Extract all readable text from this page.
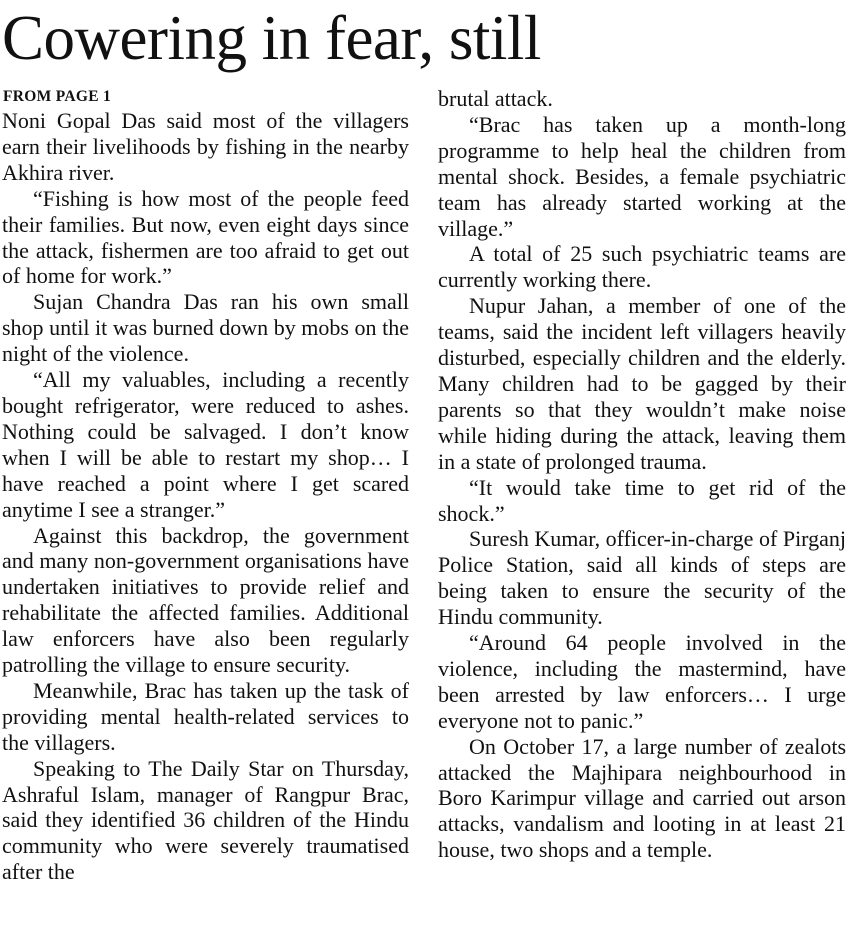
Cowering in fear, still
FROM PAGE 1

Noni Gopal Das said most of the villagers earn their livelihoods by fishing in the nearby Akhira river.

“Fishing is how most of the people feed their families. But now, even eight days since the attack, fishermen are too afraid to get out of home for work.”

Sujan Chandra Das ran his own small shop until it was burned down by mobs on the night of the violence.

“All my valuables, including a recently bought refrigerator, were reduced to ashes. Nothing could be salvaged. I don’t know when I will be able to restart my shop… I have reached a point where I get scared anytime I see a stranger.”

Against this backdrop, the government and many non-government organisations have undertaken initiatives to provide relief and rehabilitate the affected families. Additional law enforcers have also been regularly patrolling the village to ensure security.

Meanwhile, Brac has taken up the task of providing mental health-related services to the villagers.

Speaking to The Daily Star on Thursday, Ashraful Islam, manager of Rangpur Brac, said they identified 36 children of the Hindu community who were severely traumatised after the

brutal attack.

“Brac has taken up a month-long programme to help heal the children from mental shock. Besides, a female psychiatric team has already started working at the village.”

A total of 25 such psychiatric teams are currently working there.

Nupur Jahan, a member of one of the teams, said the incident left villagers heavily disturbed, especially children and the elderly. Many children had to be gagged by their parents so that they wouldn’t make noise while hiding during the attack, leaving them in a state of prolonged trauma.

“It would take time to get rid of the shock.”

Suresh Kumar, officer-in-charge of Pirganj Police Station, said all kinds of steps are being taken to ensure the security of the Hindu community.

“Around 64 people involved in the violence, including the mastermind, have been arrested by law enforcers… I urge everyone not to panic.”

On October 17, a large number of zealots attacked the Majhipara neighbourhood in Boro Karimpur village and carried out arson attacks, vandalism and looting in at least 21 house, two shops and a temple.
